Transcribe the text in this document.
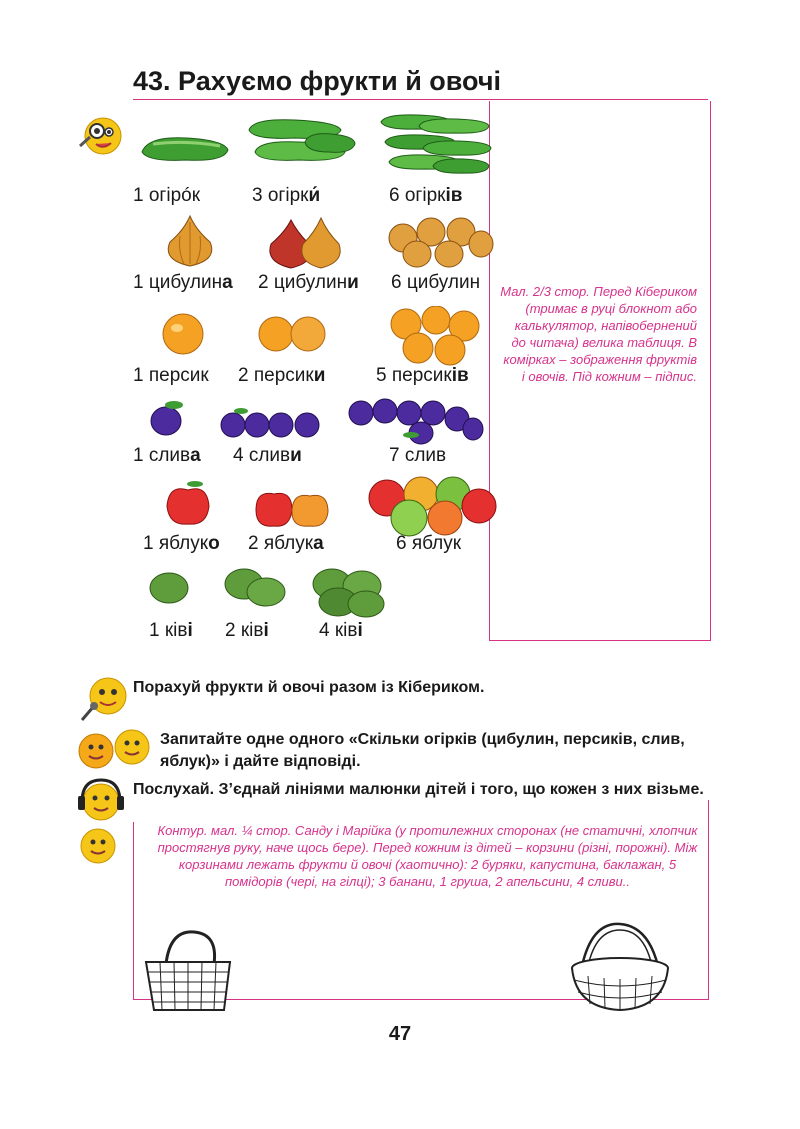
43. Рахуємо фрукти й овочі
1 огірóк	3 огірки́	6 огірків
1 цибулина 2 цибулини 6 цибулин
1 персик 2 персики	5 персиків
1 слива 4 сливи	7 слив
1 яблуко 2 яблука	6 яблук
1 ківі 2 ківі	4 ківі
Мал. 2/3 стор. Перед Кібериком (тримає в руці блокнот або калькулятор, напівобернений до читача) велика таблиця. В комірках – зображення фруктів і овочів. Під кожним – підпис.
Порахуй фрукти й овочі разом із Кібериком.
Запитайте одне одного «Скільки огірків (цибулин, персиків, слив, яблук)» і дайте відповіді.
Послухай. З’єднай лініями малюнки дітей і того, що кожен з них візьме.
Контур. мал. ¼ стор. Санду і Марійка (у протилежних сторонах (не статичні, хлопчик простягнув руку, наче щось бере). Перед кожним із дітей – корзини (різні, порожні). Між корзинами лежать фрукти й овочі (хаотично): 2 буряки, капустина, баклажан, 5 помідорів (чері, на гілці); 3 банани, 1 груша, 2 апельсини, 4 сливи..
47
